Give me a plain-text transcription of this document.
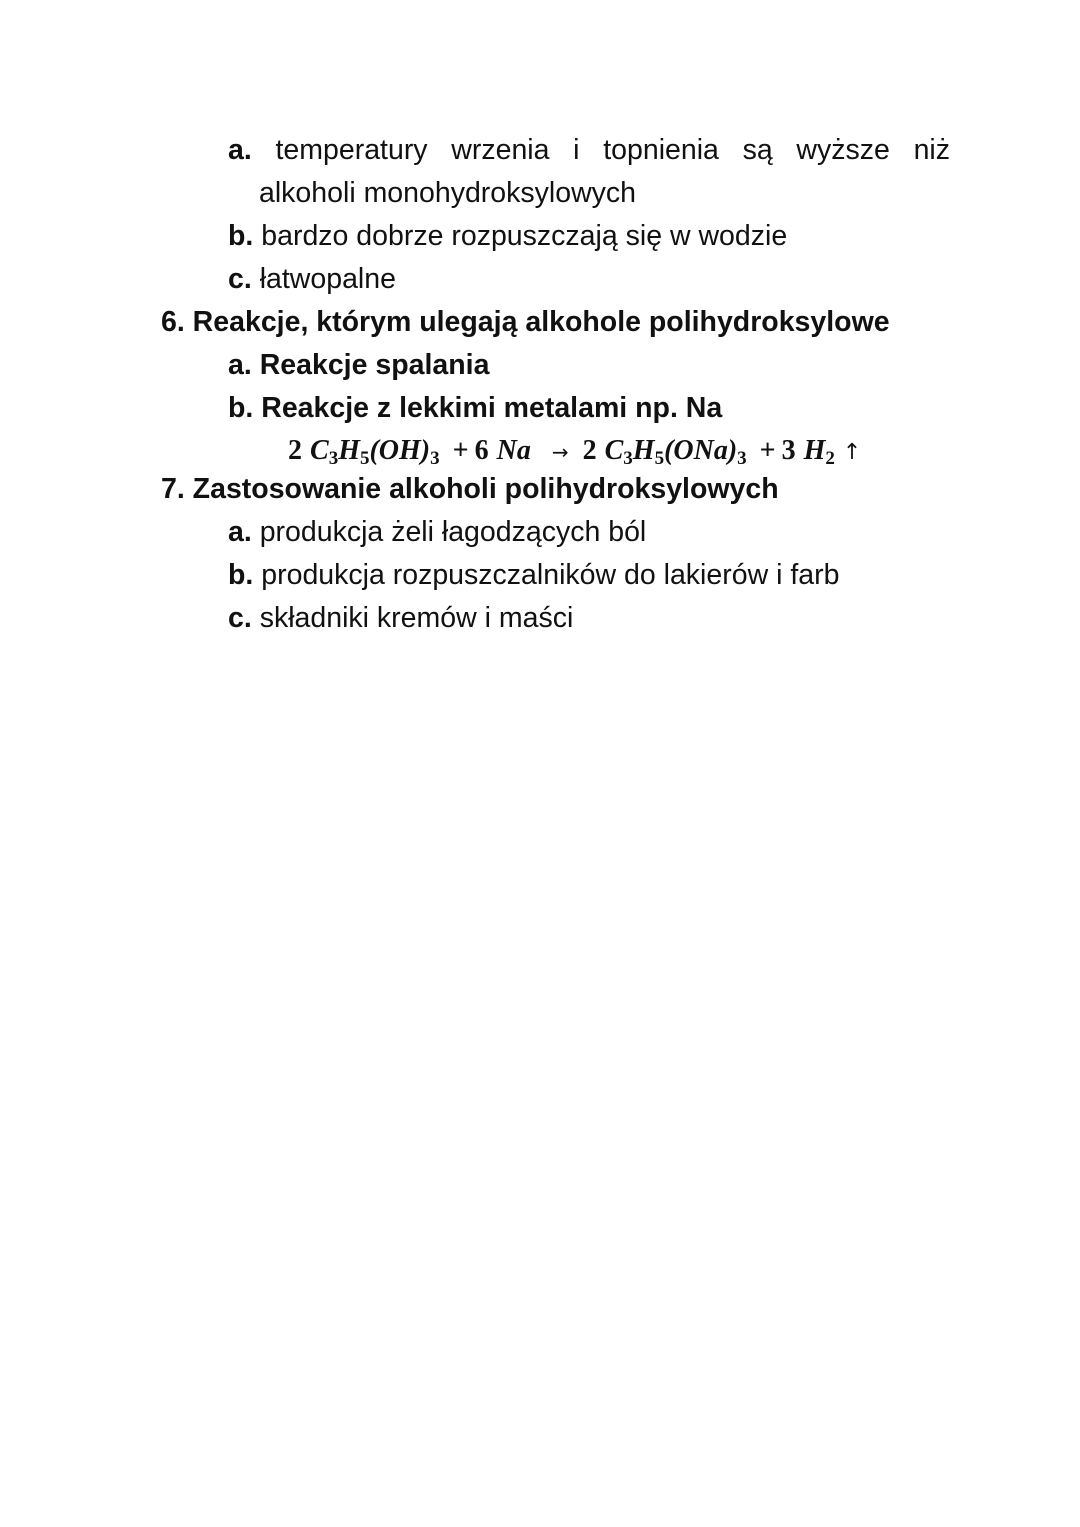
a. temperatury wrzenia i topnienia są wyższe niż
alkoholi monohydroksylowych
b. bardzo dobrze rozpuszczają się w wodzie
c. łatwopalne
6. Reakcje, którym ulegają alkohole polihydroksylowe
a. Reakcje spalania
b. Reakcje z lekkimi metalami np. Na
2 $C_3H_5(OH)_3 + 6$ Na → 2 $C_3H_5(ONa)_3 + 3$ $H_2$ ↑
7. Zastosowanie alkoholi polihydroksylowych
a. produkcja żeli łagodzących ból
b. produkcja rozpuszczalników do lakierów i farb
c. składniki kremów i maści
